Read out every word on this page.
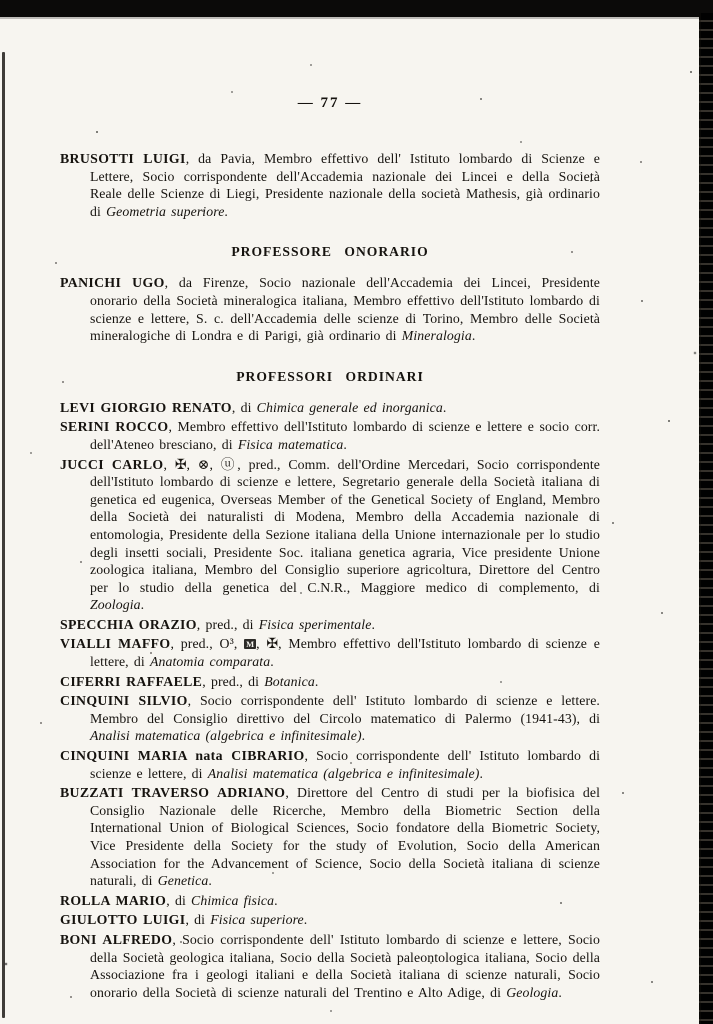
— 77 —

BRUSOTTI LUIGI, da Pavia, Membro effettivo dell' Istituto lombardo di Scienze e Lettere, Socio corrispondente dell'Accademia nazionale dei Lincei e della Società Reale delle Scienze di Liegi, Presidente nazionale della società Mathesis, già ordinario di Geometria superiore.

PROFESSORE ONORARIO

PANICHI UGO, da Firenze, Socio nazionale dell'Accademia dei Lincei, Presidente onorario della Società mineralogica italiana, Membro effettivo dell'Istituto lombardo di scienze e lettere, S. c. dell'Accademia delle scienze di Torino, Membro delle Società mineralogiche di Londra e di Parigi, già ordinario di Mineralogia.

PROFESSORI ORDINARI

LEVI GIORGIO RENATO, di Chimica generale ed inorganica.

SERINI ROCCO, Membro effettivo dell'Istituto lombardo di scienze e lettere e socio corr. dell'Ateneo bresciano, di Fisica matematica.

JUCCI CARLO, ✠, ⊗, ⓤ, pred., Comm. dell'Ordine Mercedari, Socio corrispondente dell'Istituto lombardo di scienze e lettere, Segretario generale della Società italiana di genetica ed eugenica, Overseas Member of the Genetical Society of England, Membro della Società dei naturalisti di Modena, Membro della Accademia nazionale di entomologia, Presidente della Sezione italiana della Unione internazionale per lo studio degli insetti sociali, Presidente Soc. italiana genetica agraria, Vice presidente Unione zoologica italiana, Membro del Consiglio superiore agricoltura, Direttore del Centro per lo studio della genetica del C.N.R., Maggiore medico di complemento, di Zoologia.

SPECCHIA ORAZIO, pred., di Fisica sperimentale.

VIALLI MAFFO, pred., O³, M , ✠, Membro effettivo dell'Istituto lombardo di scienze e lettere, di Anatomia comparata.

CIFERRI RAFFAELE, pred., di Botanica.

CINQUINI SILVIO, Socio corrispondente dell' Istituto lombardo di scienze e lettere. Membro del Consiglio direttivo del Circolo matematico di Palermo (1941-43), di Analisi matematica (algebrica e infinitesimale).

CINQUINI MARIA nata CIBRARIO, Socio corrispondente dell' Istituto lombardo di scienze e lettere, di Analisi matematica (algebrica e infinitesimale).

BUZZATI TRAVERSO ADRIANO, Direttore del Centro di studi per la biofisica del Consiglio Nazionale delle Ricerche, Membro della Biometric Section della International Union of Biological Sciences, Socio fondatore della Biometric Society, Vice Presidente della Society for the study of Evolution, Socio della American Association for the Advancement of Science, Socio della Società italiana di scienze naturali, di Genetica.

ROLLA MARIO, di Chimica fisica.

GIULOTTO LUIGI, di Fisica superiore.

BONI ALFREDO, Socio corrispondente dell' Istituto lombardo di scienze e lettere, Socio della Società geologica italiana, Socio della Società paleontologica italiana, Socio della Associazione fra i geologi italiani e della Società italiana di scienze naturali, Socio onorario della Società di scienze naturali del Trentino e Alto Adige, di Geologia.
